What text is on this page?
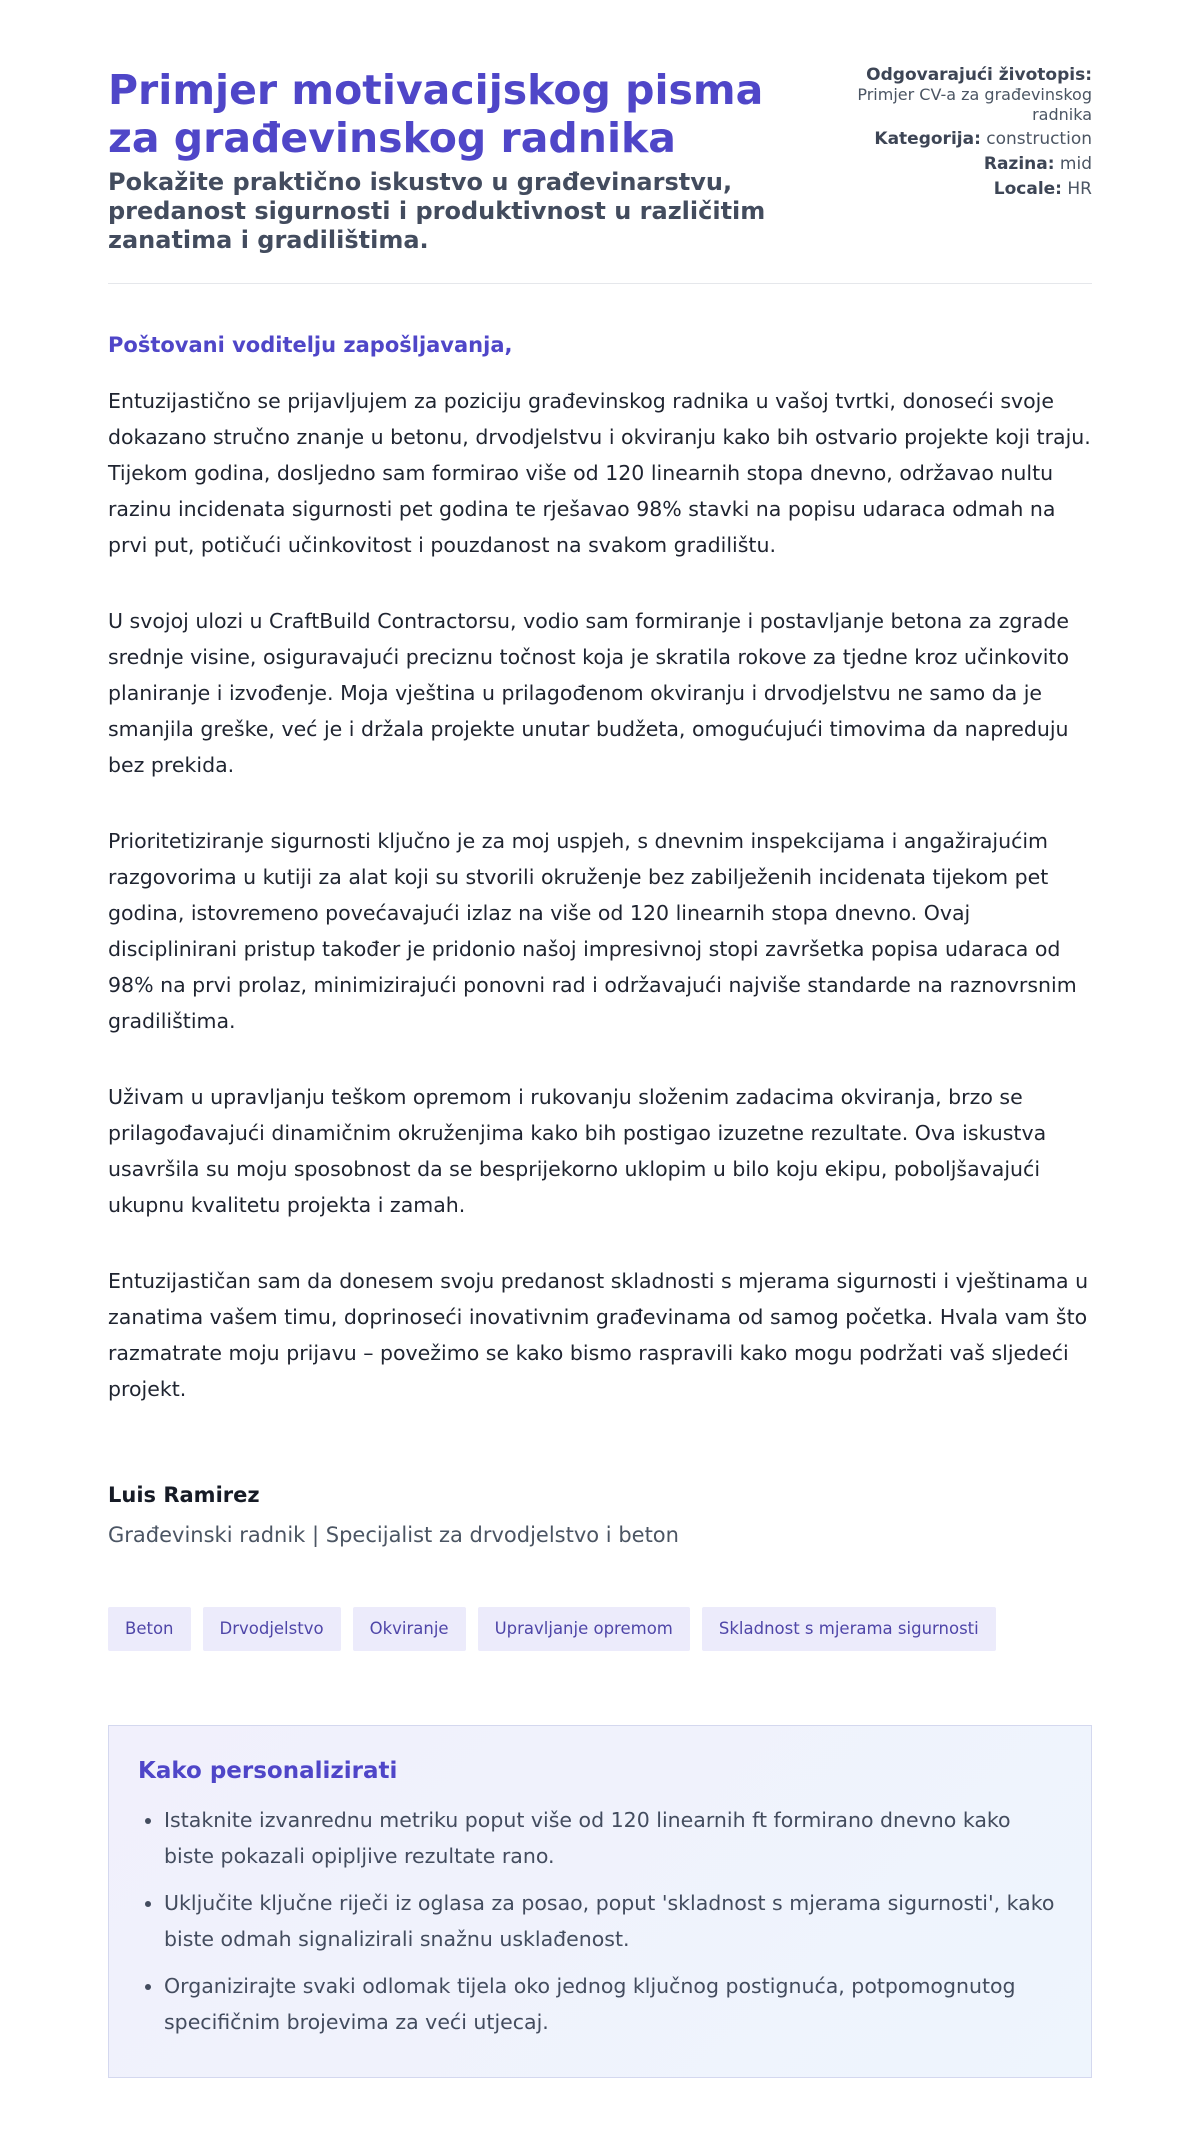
Primjer motivacijskog pisma za građevinskog radnika
Pokažite praktično iskustvo u građevinarstvu, predanost sigurnosti i produktivnost u različitim zanatima i gradilištima.
Odgovarajući životopis:
Primjer CV-a za građevinskog radnika
Kategorija: construction
Razina: mid
Locale: HR

Poštovani voditelju zapošljavanja,

Entuzijastično se prijavljujem za poziciju građevinskog radnika u vašoj tvrtki, donoseći svoje dokazano stručno znanje u betonu, drvodjelstvu i okviranju kako bih ostvario projekte koji traju. Tijekom godina, dosljedno sam formirao više od 120 linearnih stopa dnevno, održavao nultu razinu incidenata sigurnosti pet godina te rješavao 98% stavki na popisu udaraca odmah na prvi put, potičući učinkovitost i pouzdanost na svakom gradilištu.

U svojoj ulozi u CraftBuild Contractorsu, vodio sam formiranje i postavljanje betona za zgrade srednje visine, osiguravajući preciznu točnost koja je skratila rokove za tjedne kroz učinkovito planiranje i izvođenje. Moja vještina u prilagođenom okviranju i drvodjelstvu ne samo da je smanjila greške, već je i držala projekte unutar budžeta, omogućujući timovima da napreduju bez prekida.

Prioritetiziranje sigurnosti ključno je za moj uspjeh, s dnevnim inspekcijama i angažirajućim razgovorima u kutiji za alat koji su stvorili okruženje bez zabilježenih incidenata tijekom pet godina, istovremeno povećavajući izlaz na više od 120 linearnih stopa dnevno. Ovaj disciplinirani pristup također je pridonio našoj impresivnoj stopi završetka popisa udaraca od 98% na prvi prolaz, minimizirajući ponovni rad i održavajući najviše standarde na raznovrsnim gradilištima.

Uživam u upravljanju teškom opremom i rukovanju složenim zadacima okviranja, brzo se prilagođavajući dinamičnim okruženjima kako bih postigao izuzetne rezultate. Ova iskustva usavršila su moju sposobnost da se besprijekorno uklopim u bilo koju ekipu, poboljšavajući ukupnu kvalitetu projekta i zamah.

Entuzijastičan sam da donesem svoju predanost skladnosti s mjerama sigurnosti i vještinama u zanatima vašem timu, doprinoseći inovativnim građevinama od samog početka. Hvala vam što razmatrate moju prijavu – povežimo se kako bismo raspravili kako mogu podržati vaš sljedeći projekt.

Luis Ramirez
Građevinski radnik | Specijalist za drvodjelstvo i beton
Beton	Drvodjelstvo	Okviranje	Upravljanje opremom	Skladnost s mjerama sigurnosti
Kako personalizirati
• Istaknite izvanrednu metriku poput više od 120 linearnih ft formirano dnevno kako biste pokazali opipljive rezultate rano.
• Uključite ključne riječi iz oglasa za posao, poput 'skladnost s mjerama sigurnosti', kako biste odmah signalizirali snažnu usklađenost.
• Organizirajte svaki odlomak tijela oko jednog ključnog postignuća, potpomognutog specifičnim brojevima za veći utjecaj.
